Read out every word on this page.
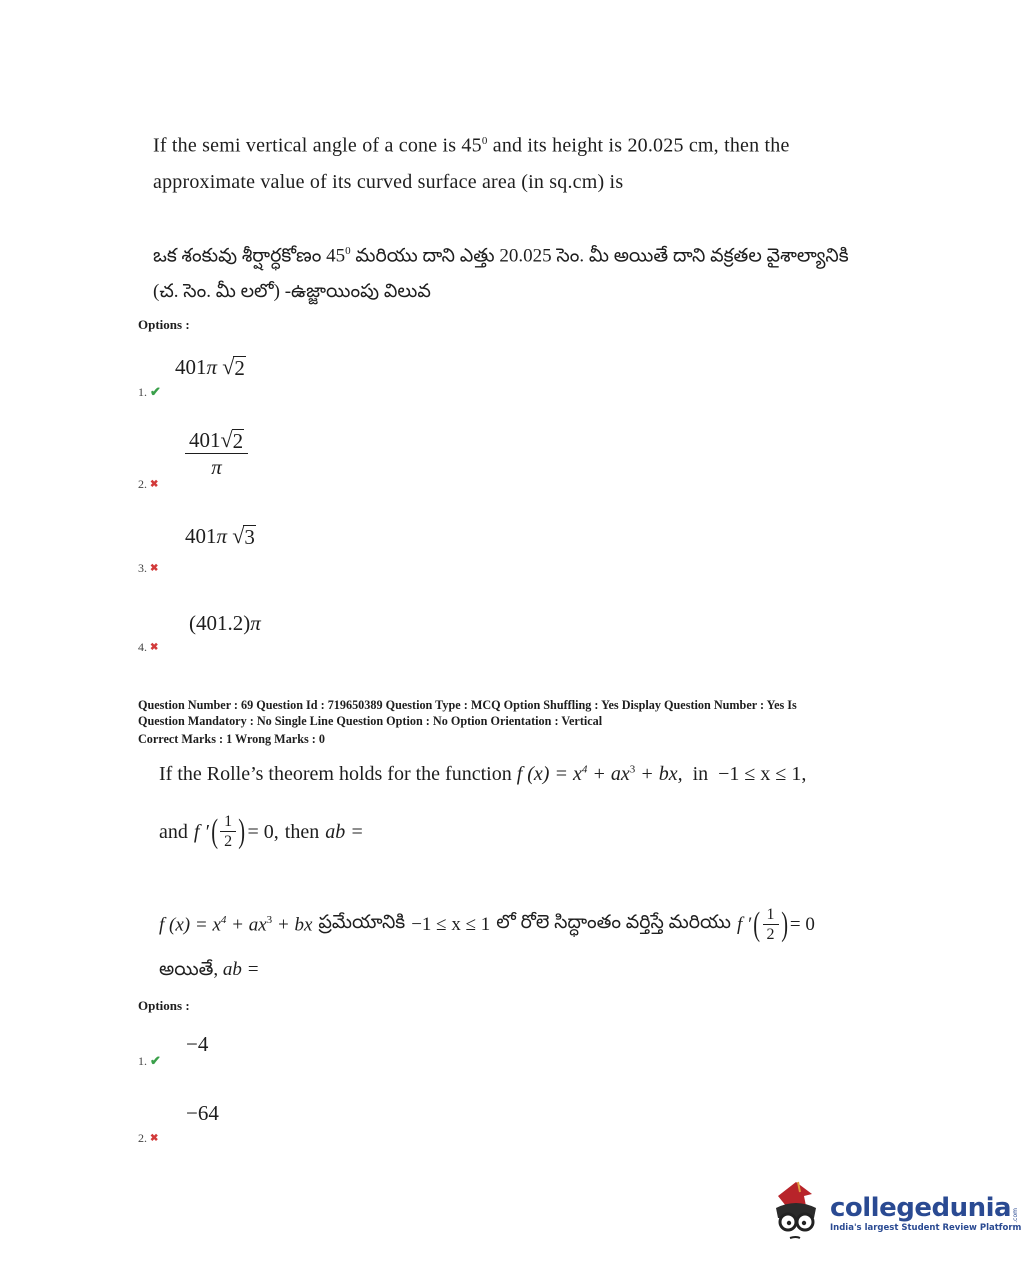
If the semi vertical angle of a cone is $45^0$ and its height is 20.025 cm, then the
approximate value of its curved surface area (in sq.cm) is
ఒక శంకువు శీర్షార్ధకోణం $45^0$ మరియు దాని ఎత్తు 20.025 సెం. మీ అయితే దాని వక్రతల వైశాల్యానికి
(చ. సెం. మీ లలో) -ఉజ్జాయింపు విలువ
Options :
401π √ 2
1. ✔
$\frac{401 √ 2}{\pi}$
2. ✖
401π √ 3
3. ✖
(401.2)π
4. ✖
Question Number : 69 Question Id : 719650389 Question Type : MCQ Option Shuffling : Yes Display Question Number : Yes Is
Question Mandatory : No Single Line Question Option : No Option Orientation : Vertical
Correct Marks : 1 Wrong Marks : 0
If the Rolle’s theorem holds for the function f $(x) = x^4 + ax^3$ + bx, in −1 ≤ x ≤ 1,
and f ′ ( $\frac{1}{2}$ ) = 0, then ab =
f $(x) = x^4 + ax^3$ + bx ప్రమేయానికి −1 ≤ x ≤ 1 లో రోలె సిద్ధాంతం వర్తిస్తే మరియు f ′ ( $\frac{1}{2}$ ) = 0
అయితే, ab =
Options :
−4
1. ✔
−64
2. ✖
collegedunia .com
India's largest Student Review Platform
